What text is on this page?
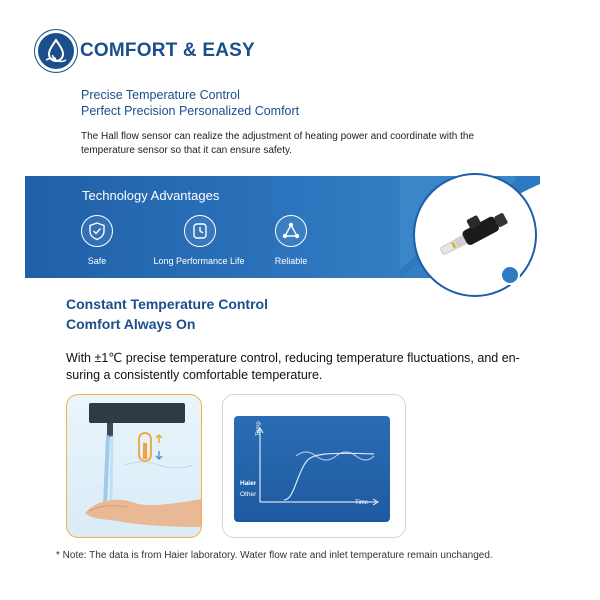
COMFORT & EASY
Precise Temperature Control
Perfect Precision Personalized Comfort
The Hall flow sensor can realize the adjustment of heating power and coordinate with the temperature sensor so that it can ensure safety.
Technology Advantages
Safe	Long Performance Life	Reliable
Constant Temperature Control
Comfort Always On
With ±1℃ precise temperature control, reducing temperature fluctuations, and en-suring a consistently comfortable temperature.
Temp
Time
Haier
Other
* Note: The data is from Haier laboratory. Water flow rate and inlet temperature remain unchanged.
